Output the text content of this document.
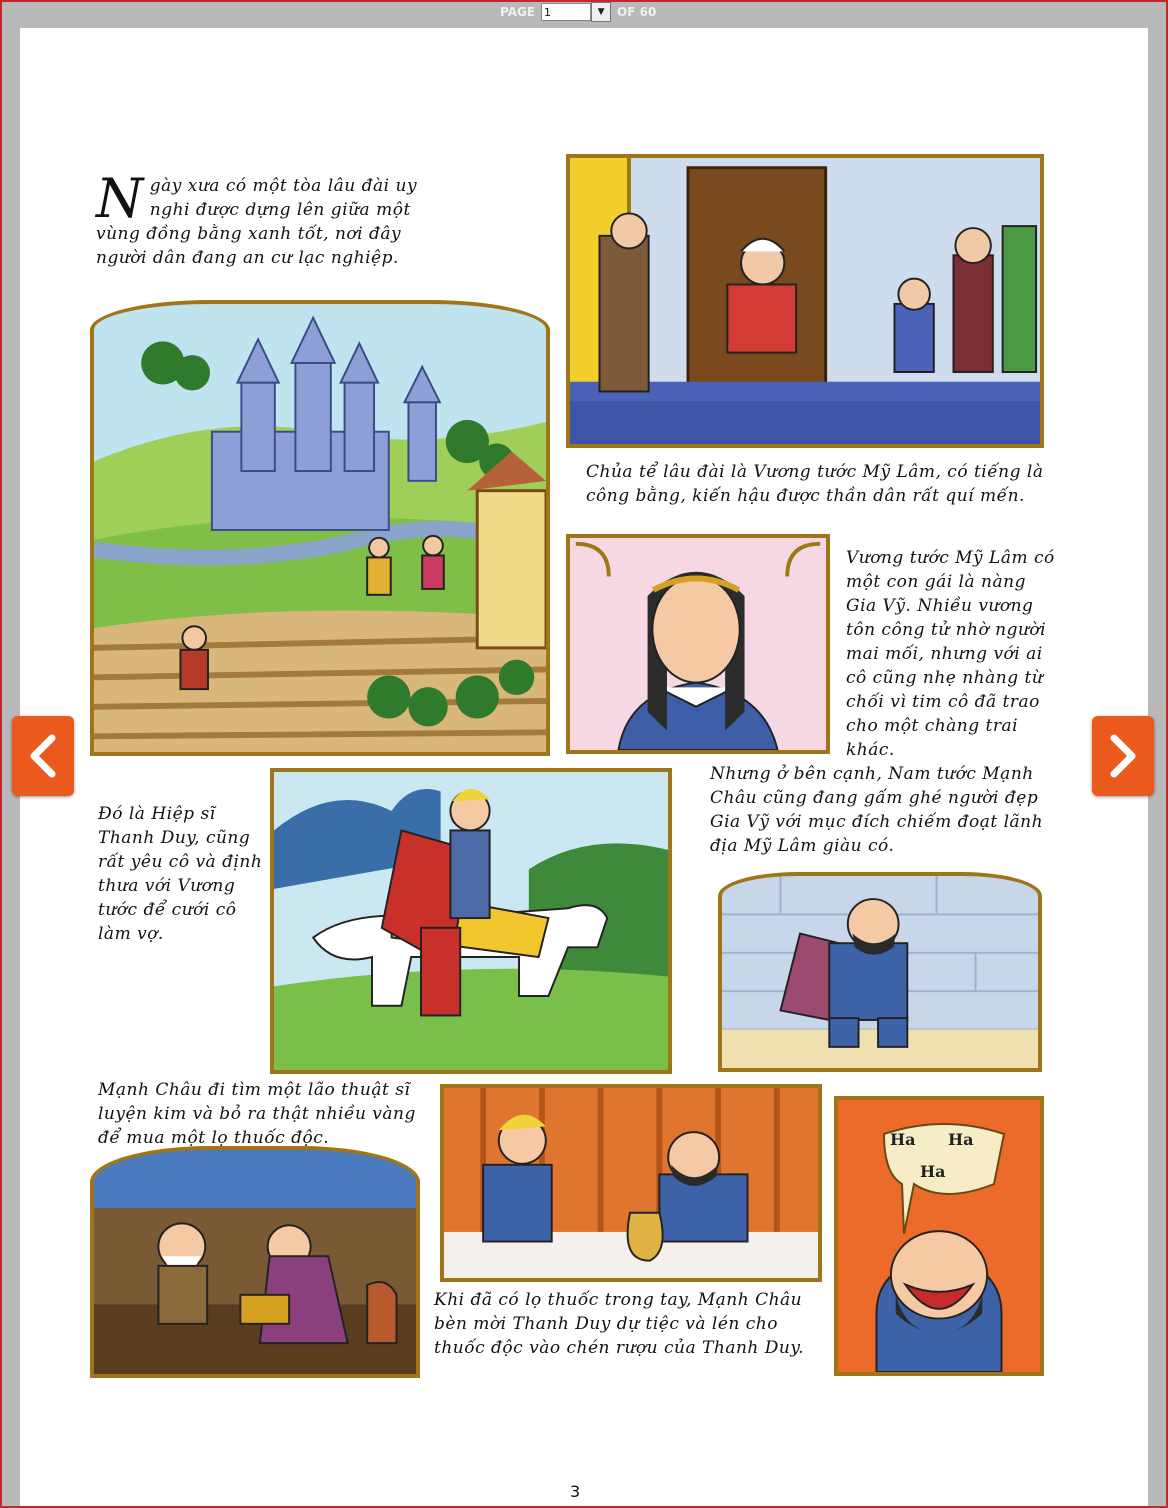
PAGE
1	▼ OF 60
N gày xưa có một tòa lâu đài uy nghi được dựng lên giữa một vùng đồng bằng xanh tốt, nơi đây người dân đang an cư lạc nghiệp.

Chủa tể lâu đài là Vương tước Mỹ Lâm, có tiếng là công bằng, kiến hậu được thần dân rất quí mến.

Vương tước Mỹ Lâm có một con gái là nàng Gia Vỹ. Nhiều vương tôn công tử nhờ người mai mối, nhưng với ai cô cũng nhẹ nhàng từ chối vì tim cô đã trao cho một chàng trai khác.

Đó là Hiệp sĩ Thanh Duy, cũng rất yêu cô và định thưa với Vương tước để cưới cô làm vợ.

Nhưng ở bên cạnh, Nam tước Mạnh Châu cũng đang gấm ghé người đẹp Gia Vỹ với mục đích chiếm đoạt lãnh địa Mỹ Lâm giàu có.

Mạnh Châu đi tìm một lão thuật sĩ luyện kim và bỏ ra thật nhiều vàng để mua một lọ thuốc độc.

Khi đã có lọ thuốc trong tay, Mạnh Châu bèn mời Thanh Duy dự tiệc và lén cho thuốc độc vào chén rượu của Thanh Duy.

Ha Ha
Ha
3
